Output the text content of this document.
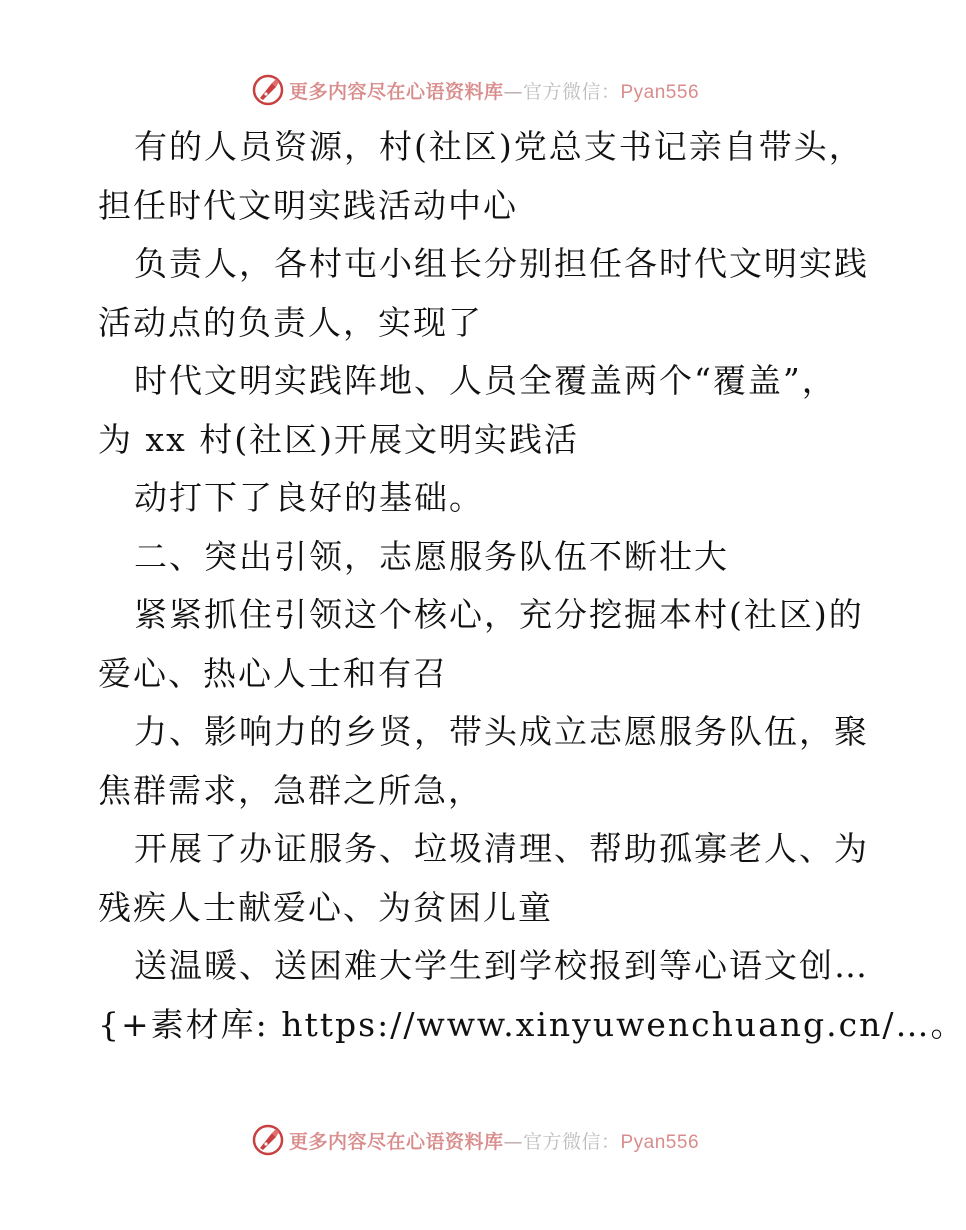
更多内容尽在心语资料库—官方微信：Pyan556
有的人员资源，村(社区)党总支书记亲自带头，
担任时代文明实践活动中心
负责人，各村屯小组长分别担任各时代文明实践
活动点的负责人，实现了
时代文明实践阵地、人员全覆盖两个“覆盖”，
为 xx 村(社区)开展文明实践活
动打下了良好的基础。
二、突出引领，志愿服务队伍不断壮大
紧紧抓住引领这个核心，充分挖掘本村(社区)的
爱心、热心人士和有召
力、影响力的乡贤，带头成立志愿服务队伍，聚
焦群需求，急群之所急，
开展了办证服务、垃圾清理、帮助孤寡老人、为
残疾人士献爱心、为贫困儿童
送温暖、送困难大学生到学校报到等心语文创…
{+素材库: https://www.xinyuwenchuang.cn/…。
更多内容尽在心语资料库—官方微信：Pyan556
